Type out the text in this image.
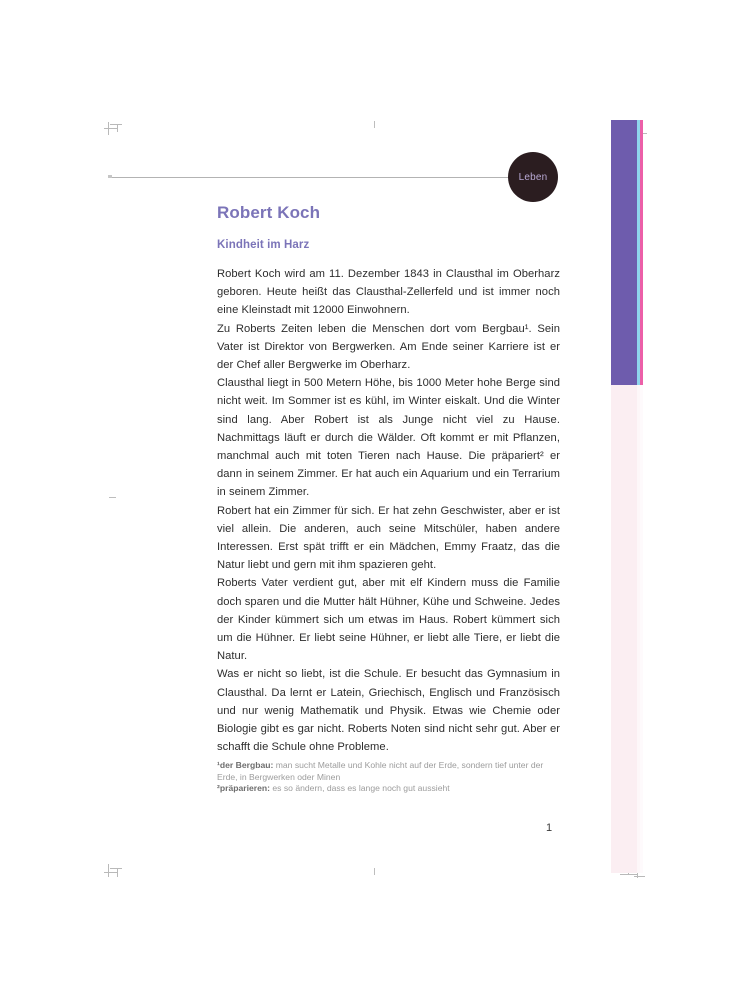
Leben
Robert Koch
Kindheit im Harz

Robert Koch wird am 11. Dezember 1843 in Clausthal im Oberharz geboren. Heute heißt das Clausthal-Zellerfeld und ist immer noch eine Kleinstadt mit 12000 Einwohnern.

Zu Roberts Zeiten leben die Menschen dort vom Bergbau¹. Sein Vater ist Direktor von Bergwerken. Am Ende seiner Karriere ist er der Chef aller Bergwerke im Oberharz.

Clausthal liegt in 500 Metern Höhe, bis 1000 Meter hohe Berge sind nicht weit. Im Sommer ist es kühl, im Winter eiskalt. Und die Winter sind lang. Aber Robert ist als Junge nicht viel zu Hause. Nachmittags läuft er durch die Wälder. Oft kommt er mit Pflanzen, manchmal auch mit toten Tieren nach Hause. Die präpariert² er dann in seinem Zimmer. Er hat auch ein Aquarium und ein Terrarium in seinem Zimmer.

Robert hat ein Zimmer für sich. Er hat zehn Geschwister, aber er ist viel allein. Die anderen, auch seine Mitschüler, haben andere Interessen. Erst spät trifft er ein Mädchen, Emmy Fraatz, das die Natur liebt und gern mit ihm spazieren geht.

Roberts Vater verdient gut, aber mit elf Kindern muss die Familie doch sparen und die Mutter hält Hühner, Kühe und Schweine. Jedes der Kinder kümmert sich um etwas im Haus. Robert kümmert sich um die Hühner. Er liebt seine Hühner, er liebt alle Tiere, er liebt die Natur.

Was er nicht so liebt, ist die Schule. Er besucht das Gymnasium in Clausthal. Da lernt er Latein, Griechisch, Englisch und Französisch und nur wenig Mathematik und Physik. Etwas wie Chemie oder Biologie gibt es gar nicht. Roberts Noten sind nicht sehr gut. Aber er schafft die Schule ohne Probleme.

¹der Bergbau: man sucht Metalle und Kohle nicht auf der Erde, sondern tief unter der Erde, in Bergwerken oder Minen
²präparieren: es so ändern, dass es lange noch gut aussieht
1
